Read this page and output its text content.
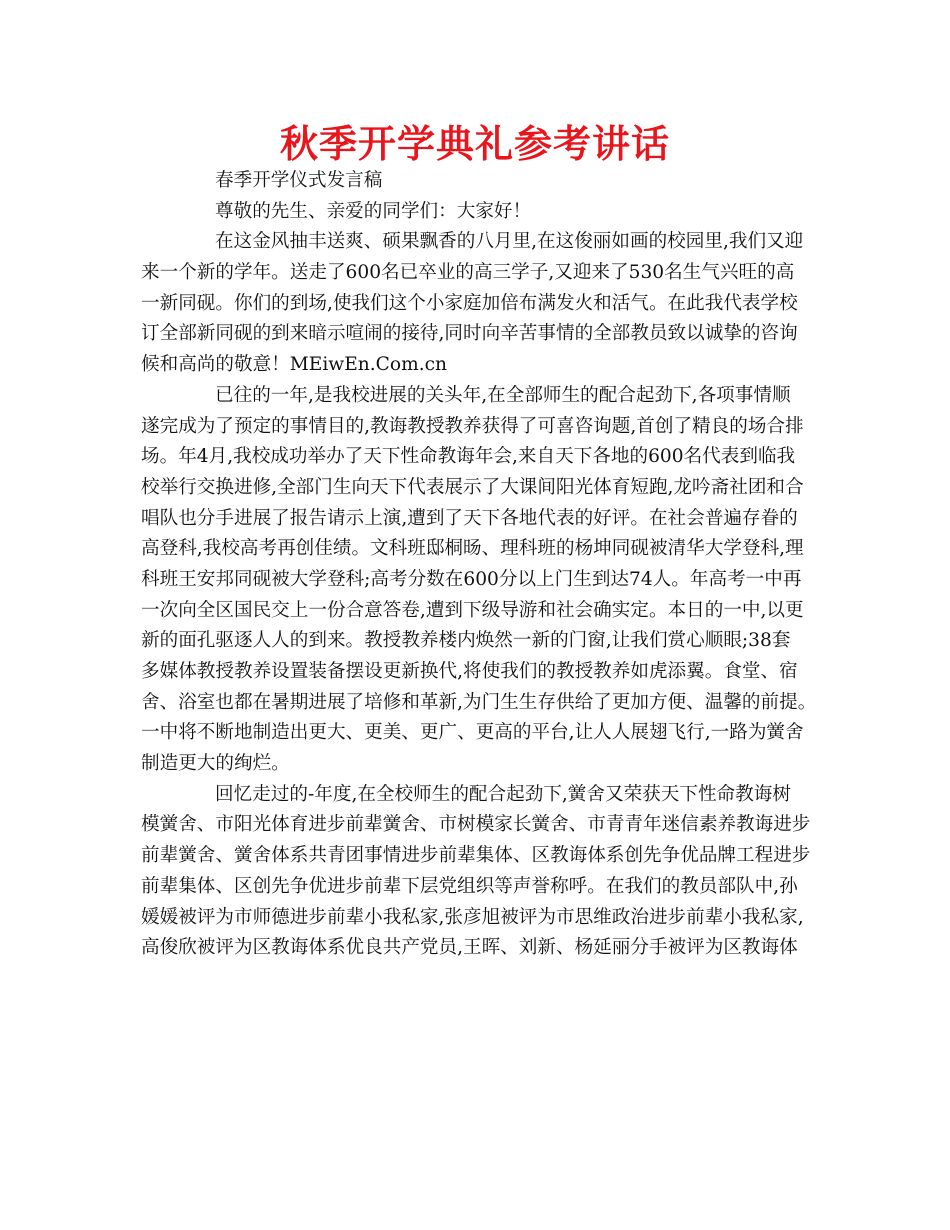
秋季开学典礼参考讲话

春季开学仪式发言稿

尊敬的先生、亲爱的同学们：大家好！

在这金风抽丰送爽、硕果飘香的八月里,在这俊丽如画的校园里,我们又迎

来一个新的学年。送走了600名已卒业的高三学子,又迎来了530名生气兴旺的高

一新同砚。你们的到场,使我们这个小家庭加倍布满发火和活气。在此我代表学校

订全部新同砚的到来暗示喧闹的接待,同时向辛苦事情的全部教员致以诚挚的咨询

候和高尚的敬意！MEiwEn.Com.cn

已往的一年,是我校进展的关头年,在全部师生的配合起劲下,各项事情顺

遂完成为了预定的事情目的,教诲教授教养获得了可喜咨询题,首创了精良的场合排

场。年4月,我校成功举办了天下性命教诲年会,来自天下各地的600名代表到临我

校举行交换进修,全部门生向天下代表展示了大课间阳光体育短跑,龙吟斋社团和合

唱队也分手进展了报告请示上演,遭到了天下各地代表的好评。在社会普遍存眷的

高登科,我校高考再创佳绩。文科班邸桐旸、理科班的杨坤同砚被清华大学登科,理

科班王安邦同砚被大学登科;高考分数在600分以上门生到达74人。年高考一中再

一次向全区国民交上一份合意答卷,遭到下级导游和社会确实定。本日的一中,以更

新的面孔驱逐人人的到来。教授教养楼内焕然一新的门窗,让我们赏心顺眼;38套

多媒体教授教养设置装备摆设更新换代,将使我们的教授教养如虎添翼。食堂、宿

舍、浴室也都在暑期进展了培修和革新,为门生生存供给了更加方便、温馨的前提。

一中将不断地制造出更大、更美、更广、更高的平台,让人人展翅飞行,一路为黉舍

制造更大的绚烂。

回忆走过的-年度,在全校师生的配合起劲下,黉舍又荣获天下性命教诲树

模黉舍、市阳光体育进步前辈黉舍、市树模家长黉舍、市青青年迷信素养教诲进步

前辈黉舍、黉舍体系共青团事情进步前辈集体、区教诲体系创先争优品牌工程进步

前辈集体、区创先争优进步前辈下层党组织等声誉称呼。在我们的教员部队中,孙

媛媛被评为市师德进步前辈小我私家,张彦旭被评为市思维政治进步前辈小我私家,

高俊欣被评为区教诲体系优良共产党员,王晖、刘新、杨延丽分手被评为区教诲体
